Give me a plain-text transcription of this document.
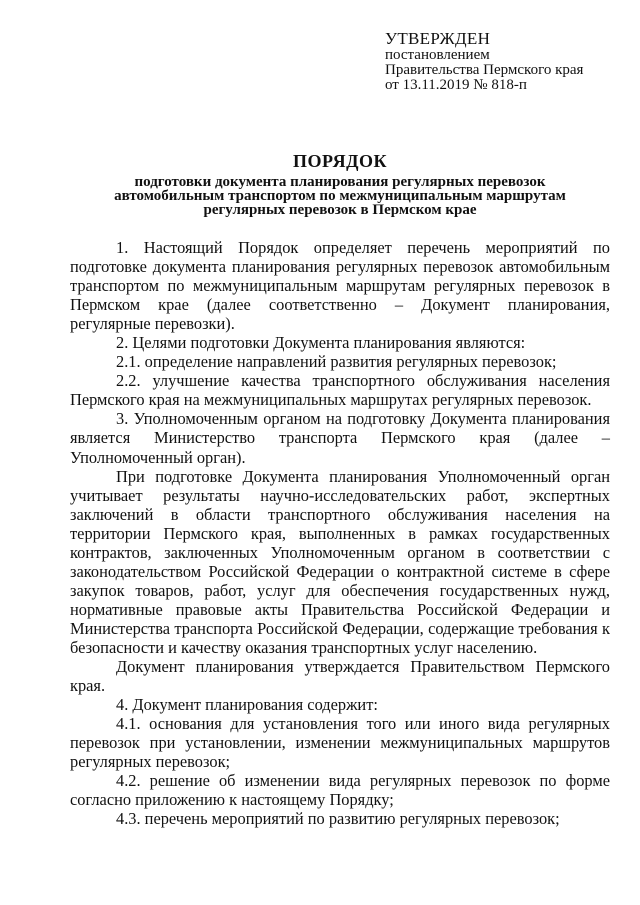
УТВЕРЖДЕН
постановлением
Правительства Пермского края
от 13.11.2019 № 818-п
ПОРЯДОК
подготовки документа планирования регулярных перевозок
автомобильным транспортом по межмуниципальным маршрутам
регулярных перевозок в Пермском крае

1. Настоящий Порядок определяет перечень мероприятий по подготовке документа планирования регулярных перевозок автомобильным транспортом по межмуниципальным маршрутам регулярных перевозок в Пермском крае (далее соответственно – Документ планирования, регулярные перевозки).

2. Целями подготовки Документа планирования являются:

2.1. определение направлений развития регулярных перевозок;

2.2. улучшение качества транспортного обслуживания населения Пермского края на межмуниципальных маршрутах регулярных перевозок.

3. Уполномоченным органом на подготовку Документа планирования является Министерство транспорта Пермского края (далее – Уполномоченный орган).

При подготовке Документа планирования Уполномоченный орган учитывает результаты научно-исследовательских работ, экспертных заключений в области транспортного обслуживания населения на территории Пермского края, выполненных в рамках государственных контрактов, заключенных Уполномоченным органом в соответствии с законодательством Российской Федерации о контрактной системе в сфере закупок товаров, работ, услуг для обеспечения государственных нужд, нормативные правовые акты Правительства Российской Федерации и Министерства транспорта Российской Федерации, содержащие требования к безопасности и качеству оказания транспортных услуг населению.

Документ планирования утверждается Правительством Пермского края.

4. Документ планирования содержит:

4.1. основания для установления того или иного вида регулярных перевозок при установлении, изменении межмуниципальных маршрутов регулярных перевозок;

4.2. решение об изменении вида регулярных перевозок по форме согласно приложению к настоящему Порядку;

4.3. перечень мероприятий по развитию регулярных перевозок;
